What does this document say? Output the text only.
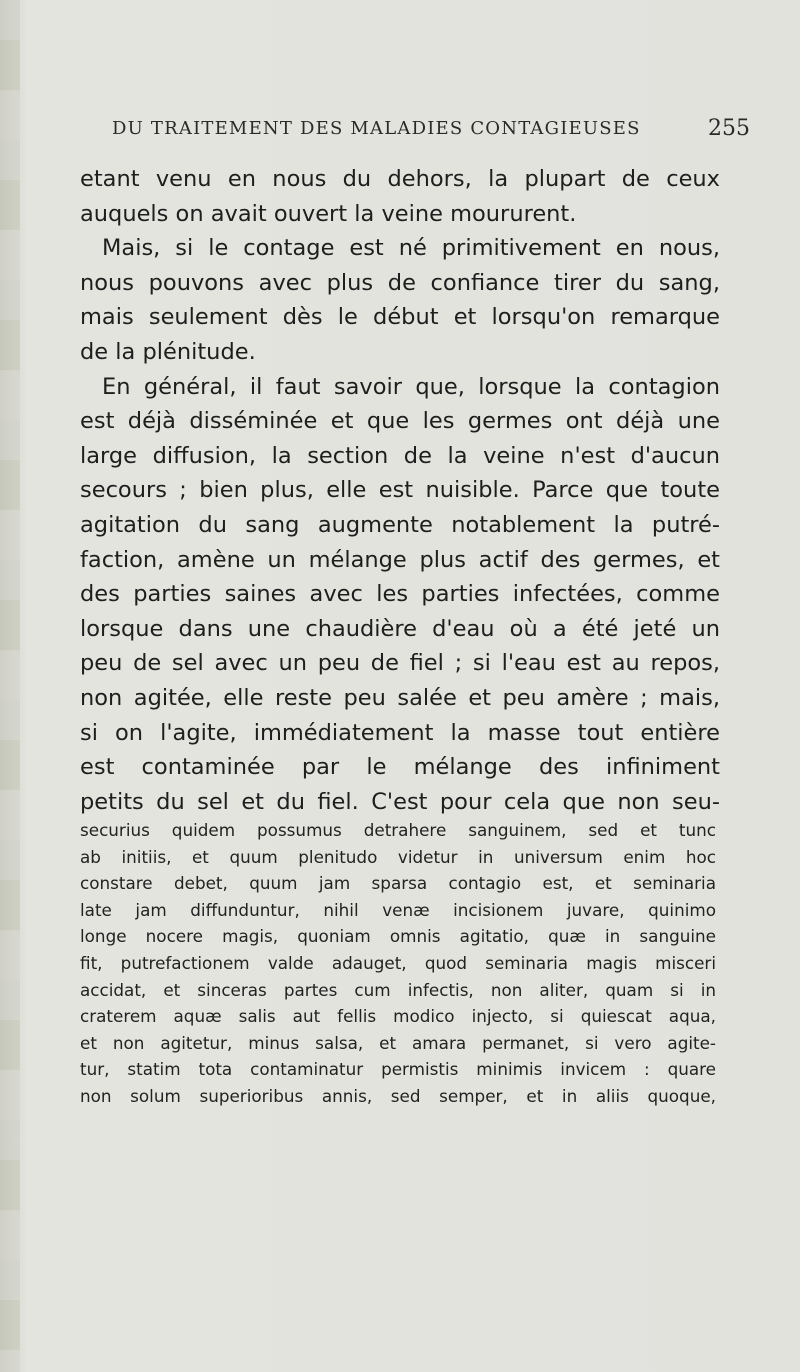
DU TRAITEMENT DES MALADIES CONTAGIEUSES	255
etant venu en nous du dehors, la plupart de ceux
auquels on avait ouvert la veine moururent.
Mais, si le contage est né primitivement en nous,
nous pouvons avec plus de confiance tirer du sang,
mais seulement dès le début et lorsqu'on remarque
de la plénitude.
En général, il faut savoir que, lorsque la contagion
est déjà disséminée et que les germes ont déjà une
large diffusion, la section de la veine n'est d'aucun
secours ; bien plus, elle est nuisible. Parce que toute
agitation du sang augmente notablement la putré-
faction, amène un mélange plus actif des germes, et
des parties saines avec les parties infectées, comme
lorsque dans une chaudière d'eau où a été jeté un
peu de sel avec un peu de fiel ; si l'eau est au repos,
non agitée, elle reste peu salée et peu amère ; mais,
si on l'agite, immédiatement la masse tout entière
est contaminée par le mélange des infiniment
petits du sel et du fiel. C'est pour cela que non seu-
securius quidem possumus detrahere sanguinem, sed et tunc
ab initiis, et quum plenitudo videtur in universum enim hoc
constare debet, quum jam sparsa contagio est, et seminaria
late jam diffunduntur, nihil venæ incisionem juvare, quinimo
longe nocere magis, quoniam omnis agitatio, quæ in sanguine
fit, putrefactionem valde adauget, quod seminaria magis misceri
accidat, et sinceras partes cum infectis, non aliter, quam si in
craterem aquæ salis aut fellis modico injecto, si quiescat aqua,
et non agitetur, minus salsa, et amara permanet, si vero agite-
tur, statim tota contaminatur permistis minimis invicem : quare
non solum superioribus annis, sed semper, et in aliis quoque,
